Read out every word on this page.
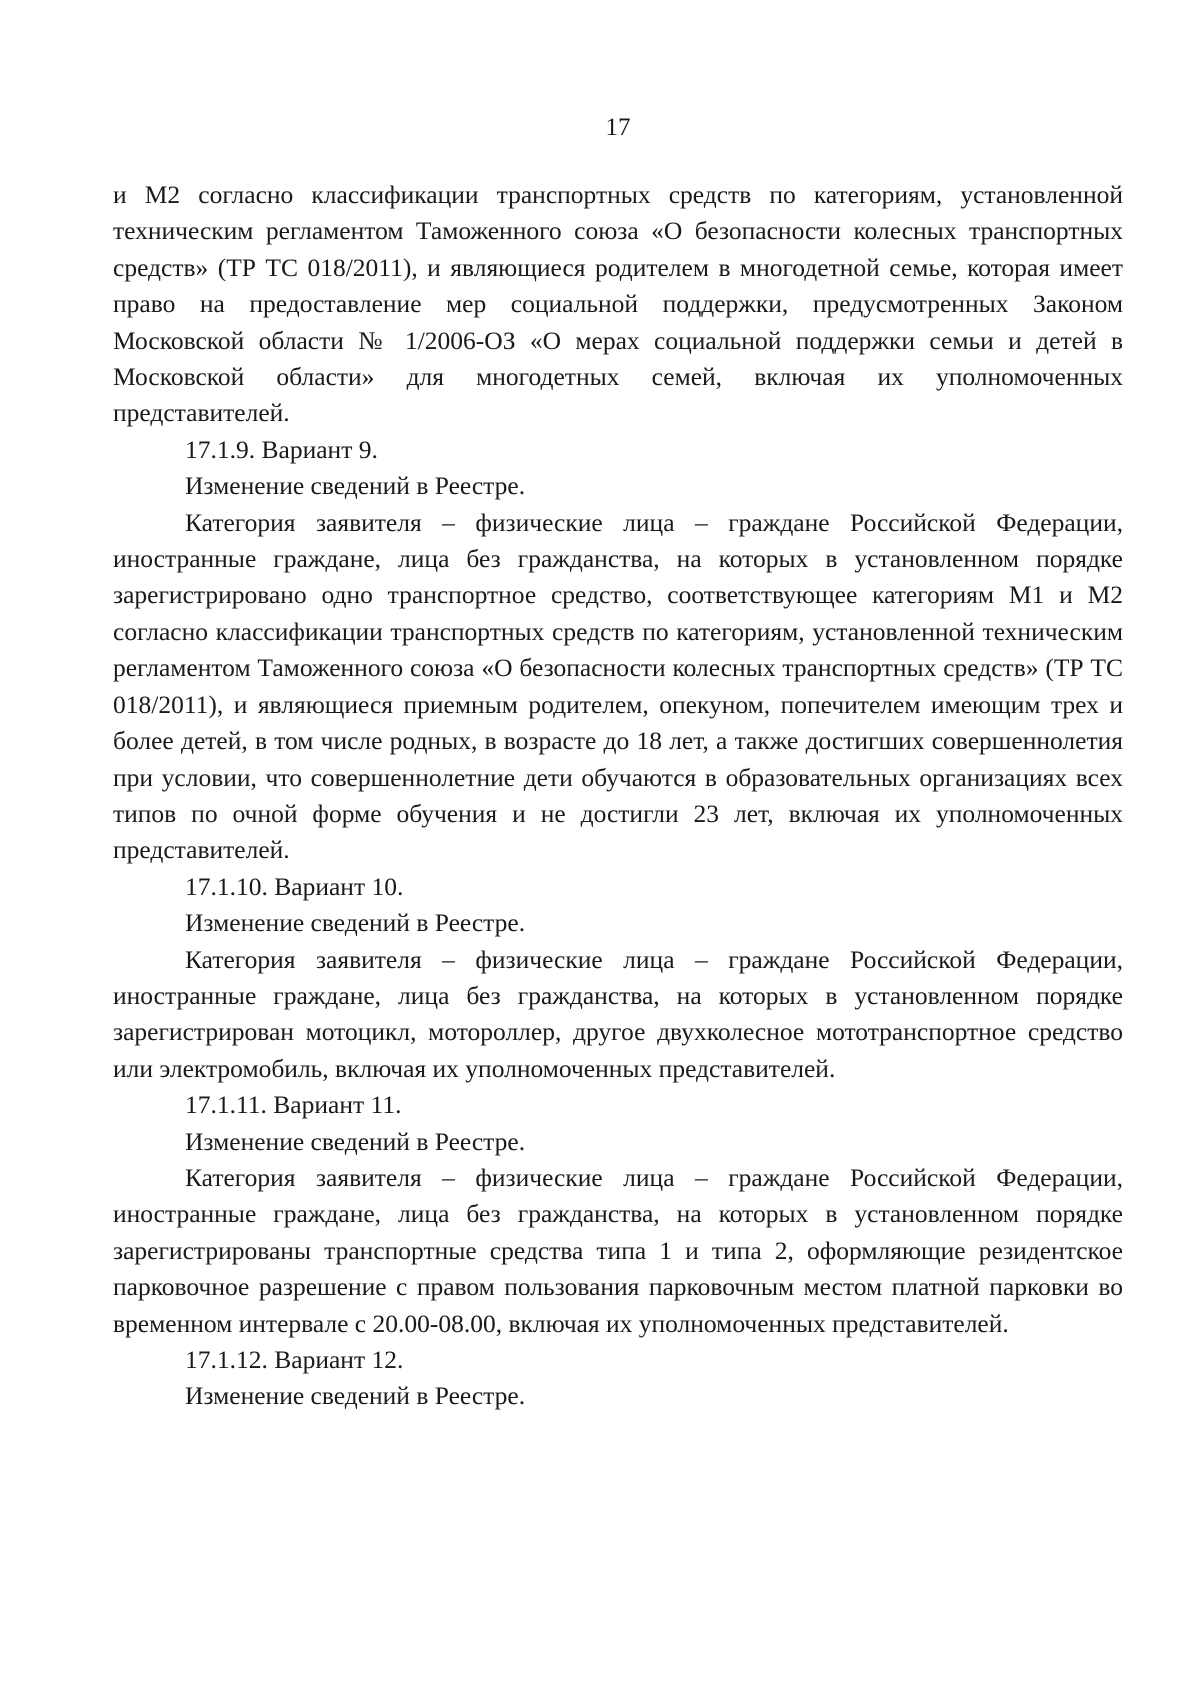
17

и М2 согласно классификации транспортных средств по категориям, установленной техническим регламентом Таможенного союза «О безопасности колесных транспортных средств» (ТР ТС 018/2011), и являющиеся родителем в многодетной семье, которая имеет право на предоставление мер социальной поддержки, предусмотренных Законом Московской области № 1/2006-ОЗ «О мерах социальной поддержки семьи и детей в Московской области» для многодетных семей, включая их уполномоченных представителей.

17.1.9. Вариант 9.

Изменение сведений в Реестре.

Категория заявителя – физические лица – граждане Российской Федерации, иностранные граждане, лица без гражданства, на которых в установленном порядке зарегистрировано одно транспортное средство, соответствующее категориям М1 и М2 согласно классификации транспортных средств по категориям, установленной техническим регламентом Таможенного союза «О безопасности колесных транспортных средств» (ТР ТС 018/2011), и являющиеся приемным родителем, опекуном, попечителем имеющим трех и более детей, в том числе родных, в возрасте до 18 лет, а также достигших совершеннолетия при условии, что совершеннолетние дети обучаются в образовательных организациях всех типов по очной форме обучения и не достигли 23 лет, включая их уполномоченных представителей.

17.1.10. Вариант 10.

Изменение сведений в Реестре.

Категория заявителя – физические лица – граждане Российской Федерации, иностранные граждане, лица без гражданства, на которых в установленном порядке зарегистрирован мотоцикл, мотороллер, другое двухколесное мототранспортное средство или электромобиль, включая их уполномоченных представителей.

17.1.11. Вариант 11.

Изменение сведений в Реестре.

Категория заявителя – физические лица – граждане Российской Федерации, иностранные граждане, лица без гражданства, на которых в установленном порядке зарегистрированы транспортные средства типа 1 и типа 2, оформляющие резидентское парковочное разрешение с правом пользования парковочным местом платной парковки во временном интервале с 20.00-08.00, включая их уполномоченных представителей.

17.1.12. Вариант 12.

Изменение сведений в Реестре.
